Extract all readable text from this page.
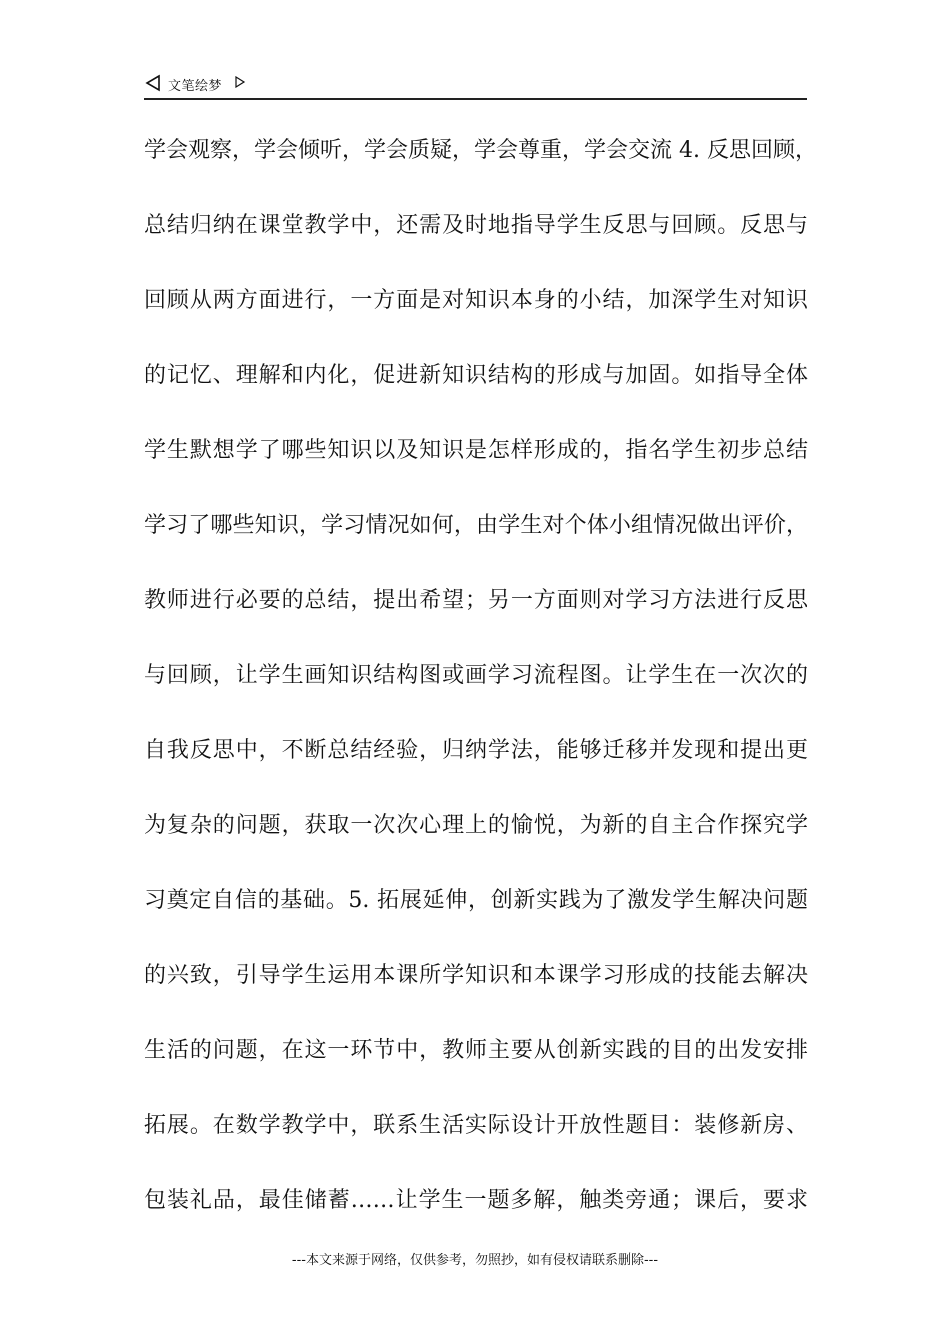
文笔绘梦
学会观察，学会倾听，学会质疑，学会尊重，学会交流 4. 反思回顾，
总结归纳在课堂教学中，还需及时地指导学生反思与回顾。反思与
回顾从两方面进行，一方面是对知识本身的小结，加深学生对知识
的记忆、理解和内化，促进新知识结构的形成与加固。如指导全体
学生默想学了哪些知识以及知识是怎样形成的，指名学生初步总结
学习了哪些知识，学习情况如何，由学生对个体小组情况做出评价，
教师进行必要的总结，提出希望；另一方面则对学习方法进行反思
与回顾，让学生画知识结构图或画学习流程图。让学生在一次次的
自我反思中，不断总结经验，归纳学法，能够迁移并发现和提出更
为复杂的问题，获取一次次心理上的愉悦，为新的自主合作探究学
习奠定自信的基础。5. 拓展延伸，创新实践为了激发学生解决问题
的兴致，引导学生运用本课所学知识和本课学习形成的技能去解决
生活的问题，在这一环节中，教师主要从创新实践的目的出发安排
拓展。在数学教学中，联系生活实际设计开放性题目：装修新房、
包装礼品，最佳储蓄……让学生一题多解，触类旁通；课后，要求
---本文来源于网络，仅供参考，勿照抄，如有侵权请联系删除---
